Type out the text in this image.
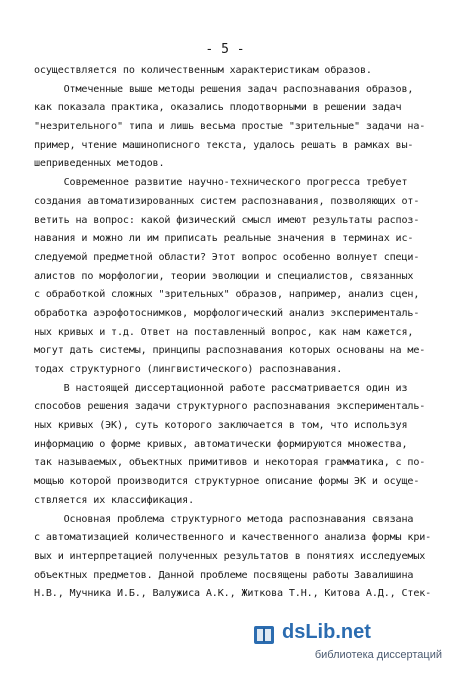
- 5 -
осуществляется по количественным характеристикам образов.
Отмеченные выше методы решения задач распознавания образов,
как показала практика, оказались плодотворными в решении задач
"незрительного" типа и лишь весьма простые "зрительные" задачи на-
пример, чтение машинописного текста, удалось решать в рамках вы-
шеприведенных методов.
Современное развитие научно-технического прогресса требует
создания автоматизированных систем распознавания, позволяющих от-
ветить на вопрос: какой физический смысл имеют результаты распоз-
навания и можно ли им приписать реальные значения в терминах ис-
следуемой предметной области? Этот вопрос особенно волнует специ-
алистов по морфологии, теории эволюции и специалистов, связанных
с обработкой сложных "зрительных" образов, например, анализ сцен,
обработка аэрофотоснимков, морфологический анализ эксперименталь-
ных кривых и т.д. Ответ на поставленный вопрос, как нам кажется,
могут дать системы, принципы распознавания которых основаны на ме-
тодах структурного (лингвистического) распознавания.
В настоящей диссертационной работе рассматривается один из
способов решения задачи структурного распознавания эксперименталь-
ных кривых (ЭК), суть которого заключается в том, что используя
информацию о форме кривых, автоматически формируются множества,
так называемых, объектных примитивов и некоторая грамматика, с по-
мощью которой производится структурное описание формы ЭК и осуще-
ствляется их классификация.
Основная проблема структурного метода распознавания связана
с автоматизацией количественного и качественного анализа формы кри-
вых и интерпретацией полученных результатов в понятиях исследуемых
объектных предметов. Данной проблеме посвящены работы Завалишина
Н.В., Мучника И.Б., Валужиса А.К., Житкова Т.Н., Китова А.Д., Стек-
dsLib.net
библиотека диссертаций
